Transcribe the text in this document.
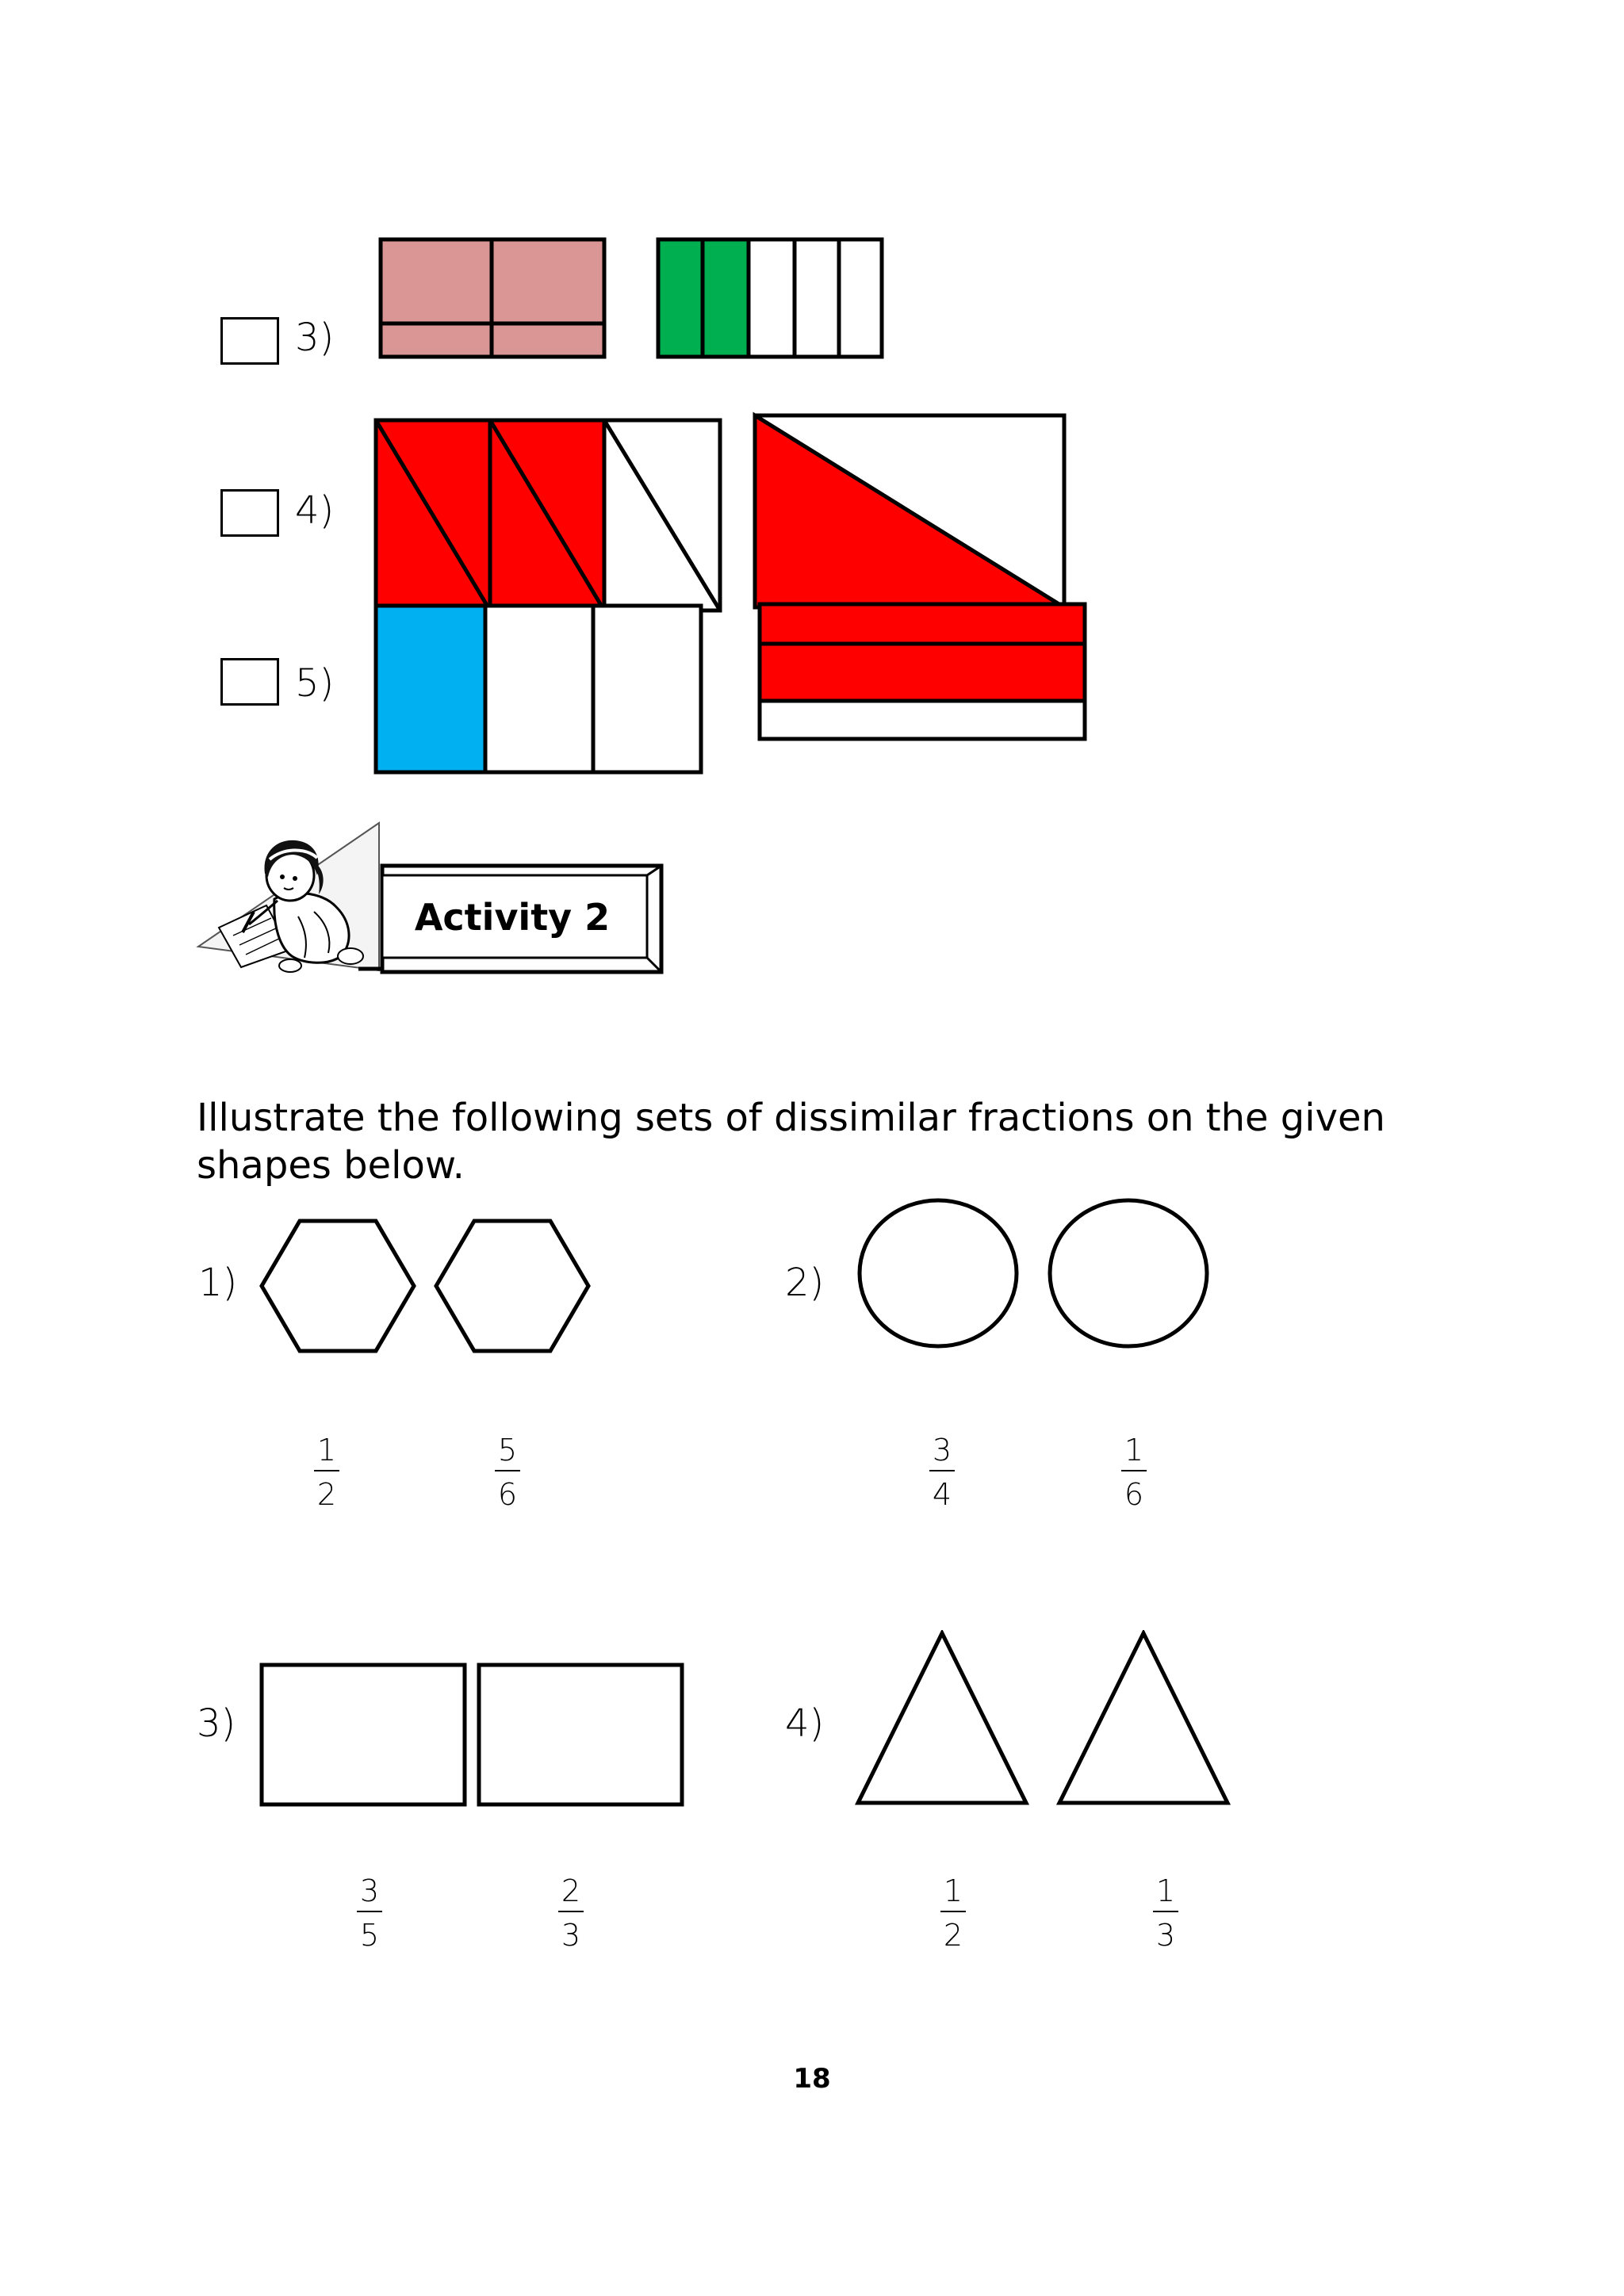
3)
4)
5)
Activity 2
Illustrate the following sets of dissimilar fractions on the given shapes below.
1)
1
2
5
6
2)
3
4
1
6
3)
3
5
2
3
4)
1
2
1
3
18
